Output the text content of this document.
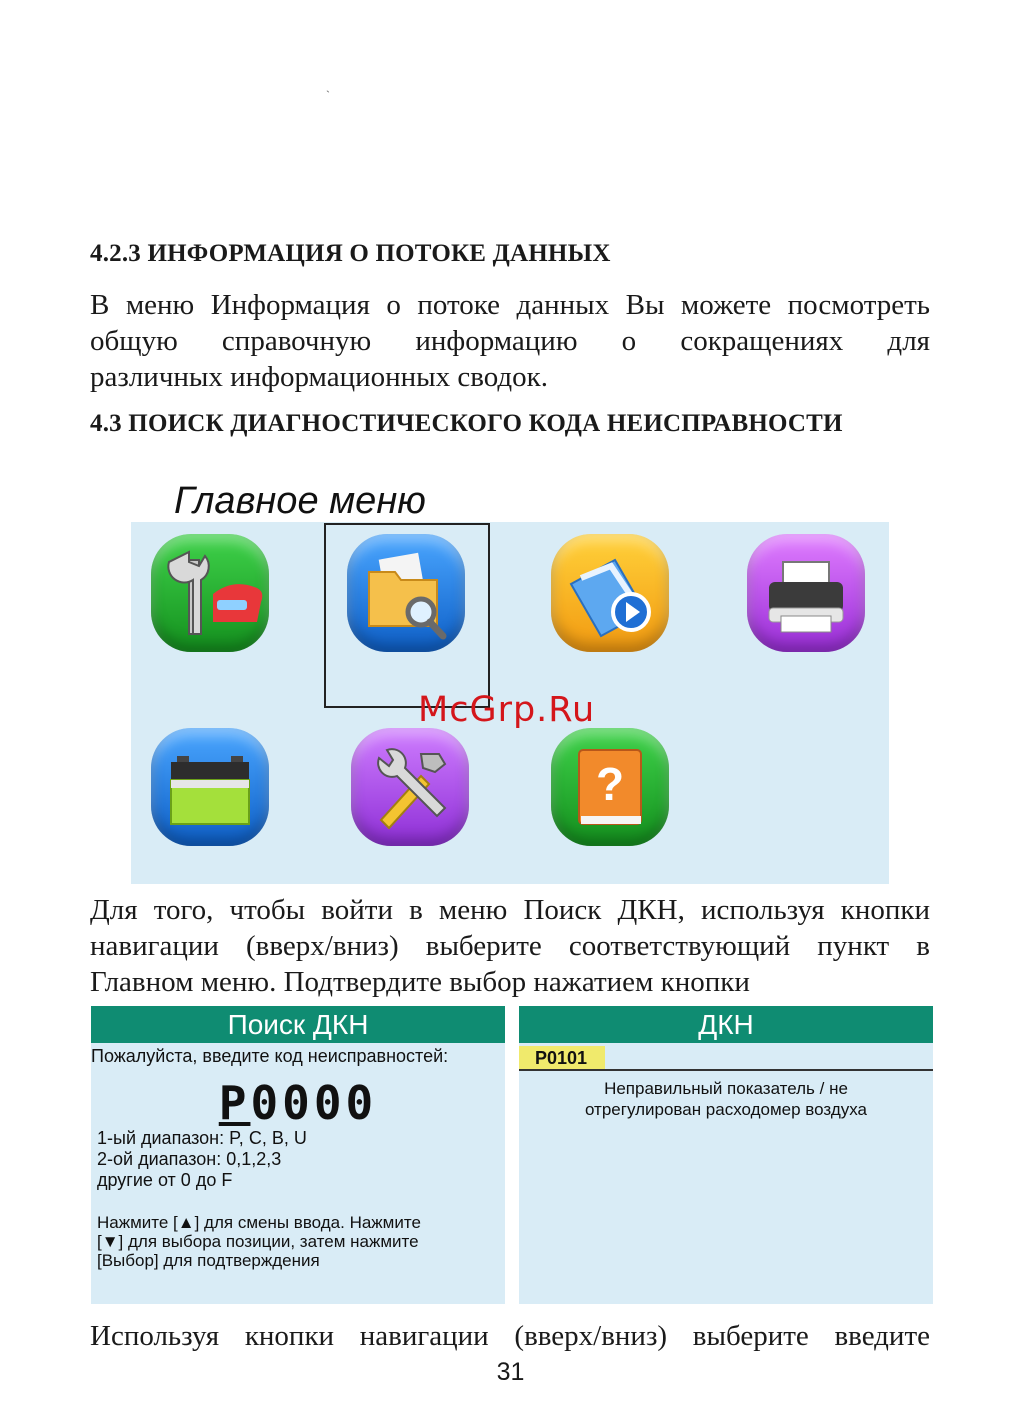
ˋ
4.2.3 ИНФОРМАЦИЯ О ПОТОКЕ ДАННЫХ
В меню Информация о потоке данных Вы можете посмотреть
общую справочную информацию о сокращениях для
различных информационных сводок.
4.3 ПОИСК ДИАГНОСТИЧЕСКОГО КОДА НЕИСПРАВНОСТИ
Главное меню
?
McGrp.Ru
Для того, чтобы войти в меню Поиск ДКН, используя кнопки
навигации (вверх/вниз) выберите соответствующий пункт в
Главном меню. Подтвердите выбор нажатием кнопки
Поиск ДКН
Пожалуйста, введите код неисправностей:
P0000
1-ый диапазон: P, C, B, U
2-ой диапазон: 0,1,2,3
другие от 0 до F
Нажмите [▲] для смены ввода. Нажмите
[▼] для выбора позиции, затем нажмите
[Выбор] для подтверждения
ДКН
P0101
Неправильный показатель / не
отрегулирован расходомер воздуха
Используя кнопки навигации (вверх/вниз) выберите введите
31
